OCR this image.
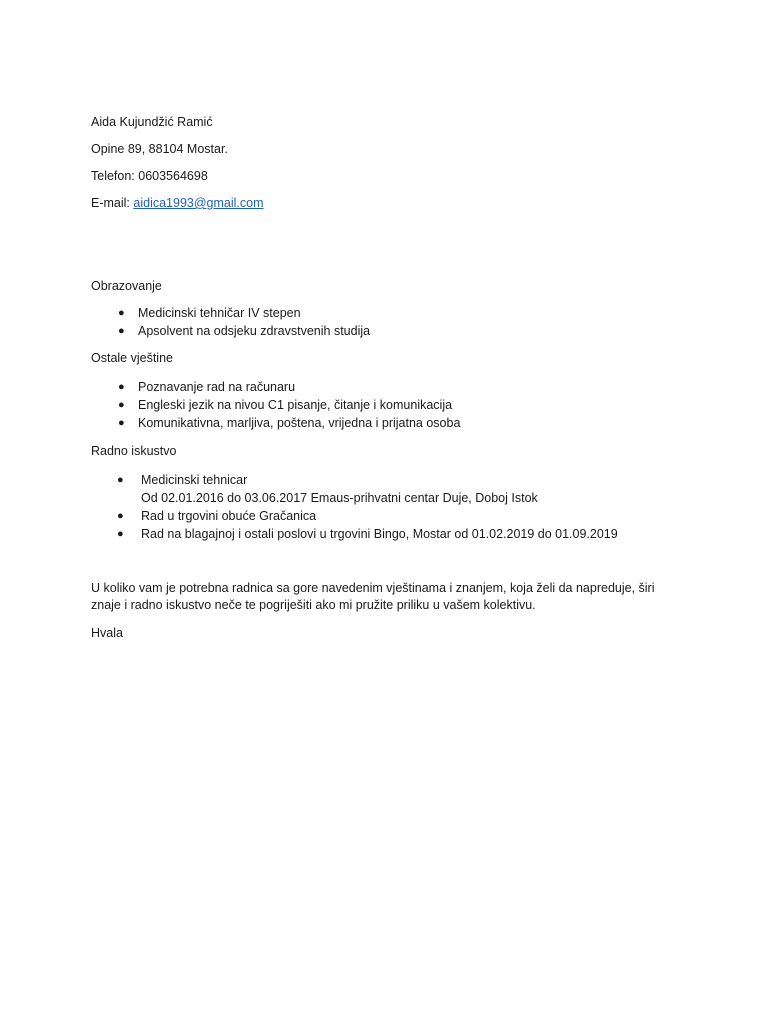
Aida Kujundžić Ramić
Opine 89, 88104 Mostar.
Telefon: 0603564698
E-mail: aidica1993@gmail.com
Obrazovanje
● Medicinski tehničar IV stepen
● Apsolvent na odsjeku zdravstvenih studija
Ostale vještine
● Poznavanje rad na računaru
● Engleski jezik na nivou C1 pisanje, čitanje i komunikacija
● Komunikativna, marljiva, poštena, vrijedna i prijatna osoba
Radno iskustvo
● Medicinski tehnicar
Od 02.01.2016 do 03.06.2017 Emaus-prihvatni centar Duje, Doboj Istok
● Rad u trgovini obuće Gračanica
● Rad na blagajnoj i ostali poslovi u trgovini Bingo, Mostar od 01.02.2019 do 01.09.2019
U koliko vam je potrebna radnica sa gore navedenim vještinama i znanjem, koja želi da napreduje, širi
znaje i radno iskustvo neče te pogriješiti ako mi pružite priliku u vašem kolektivu.
Hvala
